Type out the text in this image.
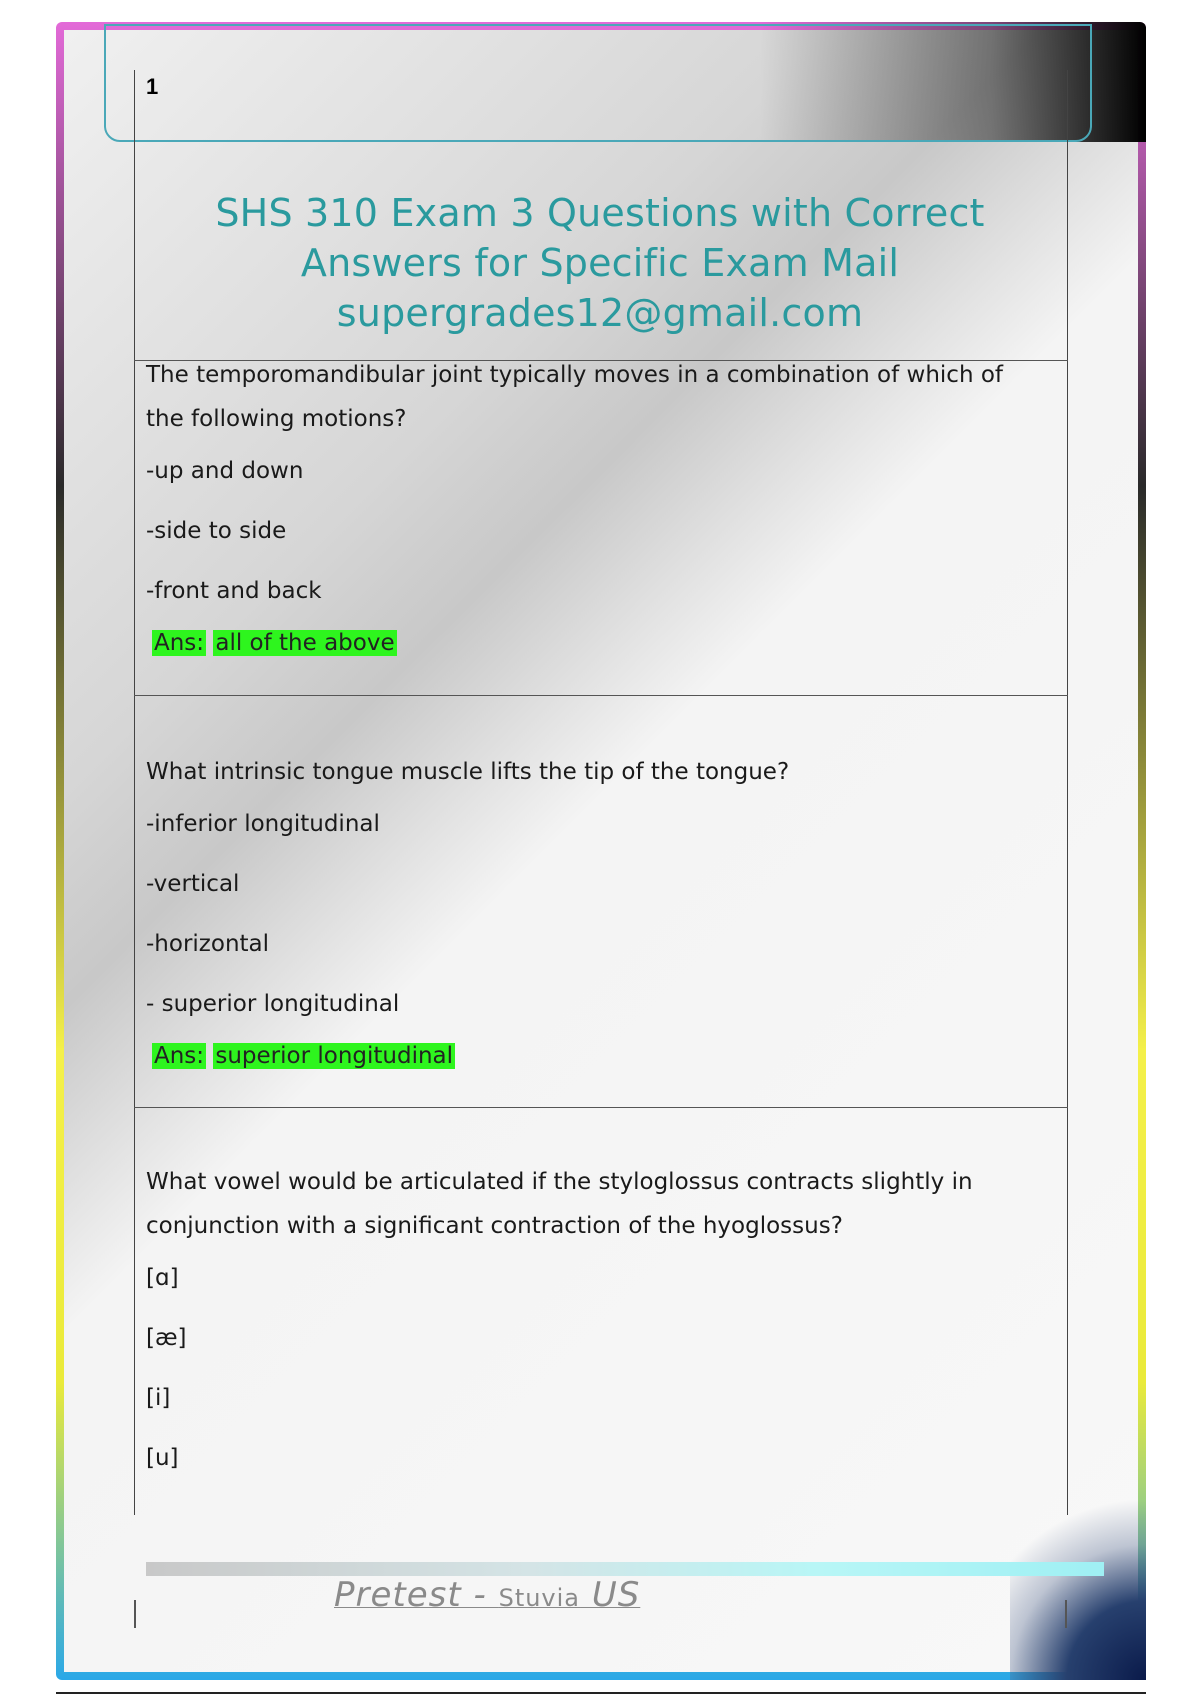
1
SHS 310 Exam 3 Questions with Correct
Answers for Specific Exam Mail
supergrades12@gmail.com

The temporomandibular joint typically moves in a combination of which of the following motions?

-up and down

-side to side

-front and back

Ans: all of the above

What intrinsic tongue muscle lifts the tip of the tongue?

-inferior longitudinal

-vertical

-horizontal

- superior longitudinal

Ans: superior longitudinal

What vowel would be articulated if the styloglossus contracts slightly in conjunction with a significant contraction of the hyoglossus?

[ɑ]

[æ]

[i]

[u]

Pretest - Stuvia US
